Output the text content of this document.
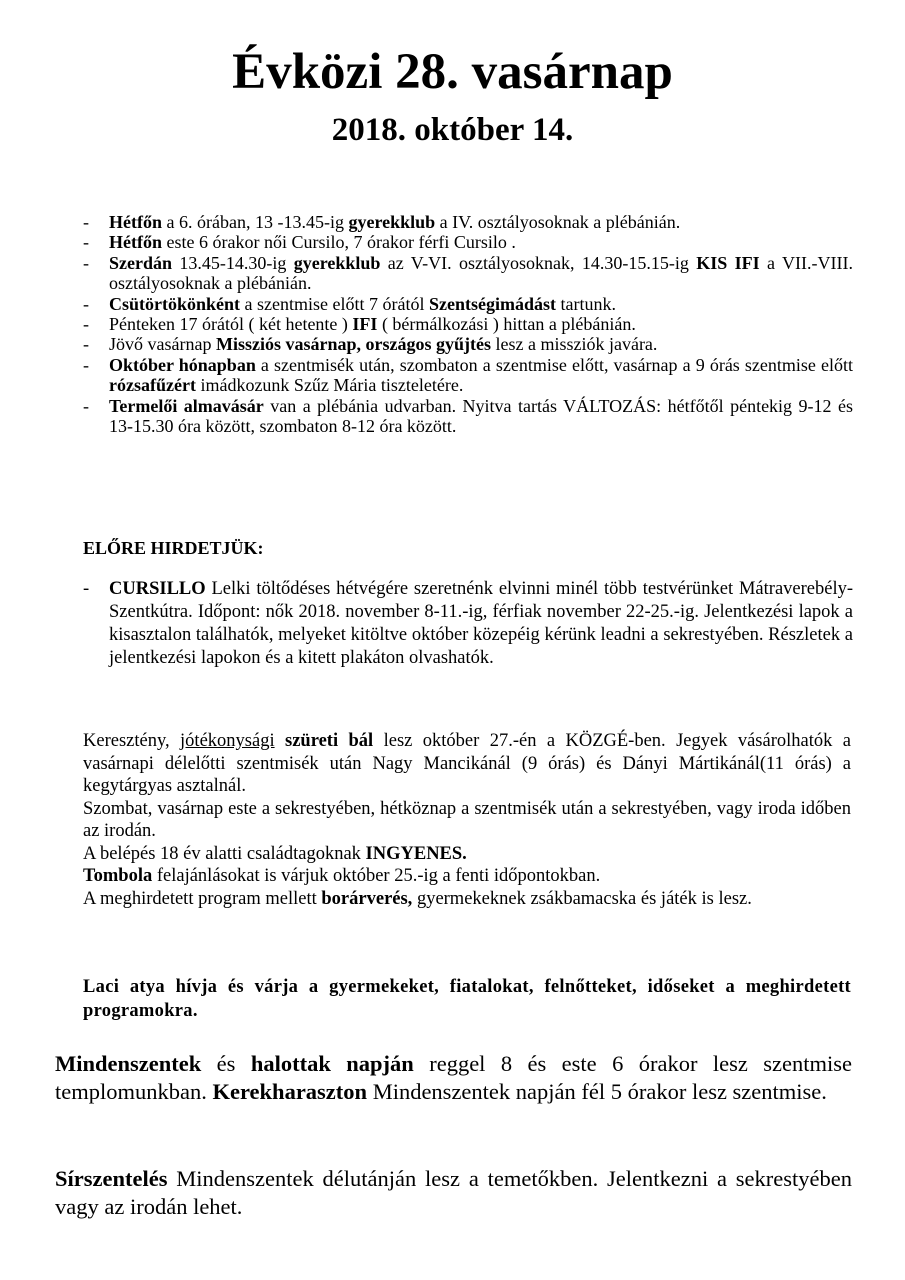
Évközi 28. vasárnap
2018. október 14.
- Hétfőn a 6. órában, 13 -13.45-ig gyerekklub a IV. osztályosoknak a plébánián.
- Hétfőn este 6 órakor női Cursilo, 7 órakor férfi Cursilo .
- Szerdán 13.45-14.30-ig gyerekklub az V-VI. osztályosoknak, 14.30-15.15-ig KIS IFI a VII.-VIII. osztályosoknak a plébánián.
- Csütörtökönként a szentmise előtt 7 órától Szentségimádást tartunk.
- Pénteken 17 órától ( két hetente ) IFI ( bérmálkozási ) hittan a plébánián.
- Jövő vasárnap Missziós vasárnap, országos gyűjtés lesz a missziók javára.
- Október hónapban a szentmisék után, szombaton a szentmise előtt, vasárnap a 9 órás szentmise előtt rózsafűzért imádkozunk Szűz Mária tiszteletére.
- Termelői almavásár van a plébánia udvarban. Nyitva tartás VÁLTOZÁS: hétfőtől péntekig 9-12 és 13-15.30 óra között, szombaton 8-12 óra között.
ELŐRE HIRDETJÜK:
- CURSILLO Lelki töltődéses hétvégére szeretnénk elvinni minél több testvérünket Mátraverebély-Szentkútra. Időpont: nők 2018. november 8-11.-ig, férfiak november 22-25.-ig. Jelentkezési lapok a kisasztalon találhatók, melyeket kitöltve október közepéig kérünk leadni a sekrestyében. Részletek a jelentkezési lapokon és a kitett plakáton olvashatók.

Keresztény, jótékonysági szüreti bál lesz október 27.-én a KÖZGÉ-ben. Jegyek vásárolhatók a vasárnapi délelőtti szentmisék után Nagy Mancikánál (9 órás) és Dányi Mártikánál(11 órás) a kegytárgyas asztalnál.

Szombat, vasárnap este a sekrestyében, hétköznap a szentmisék után a sekrestyében, vagy iroda időben az irodán.

A belépés 18 év alatti családtagoknak INGYENES.

Tombola felajánlásokat is várjuk október 25.-ig a fenti időpontokban.

A meghirdetett program mellett borárverés, gyermekeknek zsákbamacska és játék is lesz.

Laci atya hívja és várja a gyermekeket, fiatalokat, felnőtteket, időseket a meghirdetett programokra.

Mindenszentek és halottak napján reggel 8 és este 6 órakor lesz szentmise templomunkban. Kerekharaszton Mindenszentek napján fél 5 órakor lesz szentmise.

Sírszentelés Mindenszentek délutánján lesz a temetőkben. Jelentkezni a sekrestyében vagy az irodán lehet.
